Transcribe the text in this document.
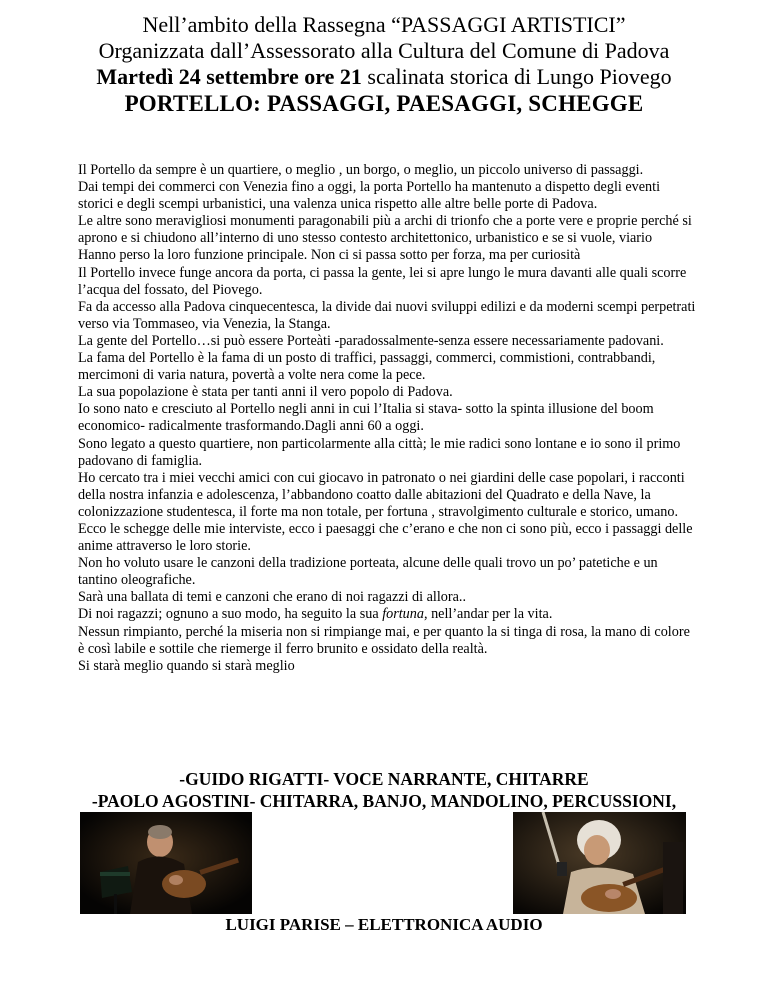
Nell’ambito della Rassegna “PASSAGGI ARTISTICI”
Organizzata dall’Assessorato alla Cultura del Comune di Padova
Martedì 24 settembre ore 21 scalinata storica di Lungo Piovego
PORTELLO: PASSAGGI, PAESAGGI, SCHEGGE

Il Portello da sempre è un quartiere, o meglio , un borgo, o meglio, un piccolo universo di passaggi.

Dai tempi dei commerci con Venezia fino a oggi, la porta Portello ha mantenuto a dispetto degli eventi storici e degli scempi urbanistici, una valenza unica rispetto alle altre belle porte di Padova.

Le altre sono meravigliosi monumenti paragonabili più a archi di trionfo che a porte vere e proprie perché si aprono e si chiudono all’interno di uno stesso contesto architettonico, urbanistico e se si vuole, viario

Hanno perso la loro funzione principale. Non ci si passa sotto per forza, ma per curiosità

Il Portello invece funge ancora da porta, ci passa la gente, lei si apre lungo le mura davanti alle quali scorre l’acqua del fossato, del Piovego.

Fa da accesso alla Padova cinquecentesca, la divide dai nuovi sviluppi edilizi e da moderni scempi perpetrati verso via Tommaseo, via Venezia, la Stanga.

La gente del Portello…si può essere Porteàti -paradossalmente-senza essere necessariamente padovani.

La fama del Portello è la fama di un posto di traffici, passaggi, commerci, commistioni, contrabbandi, mercimoni di varia natura, povertà a volte nera come la pece.

La sua popolazione è stata per tanti anni il vero popolo di Padova.

Io sono nato e cresciuto al Portello negli anni in cui l’Italia si stava- sotto la spinta illusione del boom economico- radicalmente trasformando.Dagli anni 60 a oggi.

Sono legato a questo quartiere, non particolarmente alla città; le mie radici sono lontane e io sono il primo padovano di famiglia.

Ho cercato tra i miei vecchi amici con cui giocavo in patronato o nei giardini delle case popolari, i racconti della nostra infanzia e adolescenza, l’abbandono coatto dalle abitazioni del Quadrato e della Nave, la colonizzazione studentesca, il forte ma non totale, per fortuna , stravolgimento culturale e storico, umano.

Ecco le schegge delle mie interviste, ecco i paesaggi che c’erano e che non ci sono più, ecco i passaggi delle anime attraverso le loro storie.

Non ho voluto usare le canzoni della tradizione porteata, alcune delle quali trovo un po’ patetiche e un tantino oleografiche.

Sarà una ballata di temi e canzoni che erano di noi ragazzi di allora..

Di noi ragazzi; ognuno a suo modo, ha seguito la sua fortuna, nell’andar per la vita.

Nessun rimpianto, perché la miseria non si rimpiange mai, e per quanto la si tinga di rosa, la mano di colore è così labile e sottile che riemerge il ferro brunito e ossidato della realtà.

Si starà meglio quando si starà meglio

-GUIDO RIGATTI- VOCE NARRANTE, CHITARRE
-PAOLO AGOSTINI- CHITARRA, BANJO, MANDOLINO, PERCUSSIONI,
LUIGI PARISE – ELETTRONICA AUDIO
